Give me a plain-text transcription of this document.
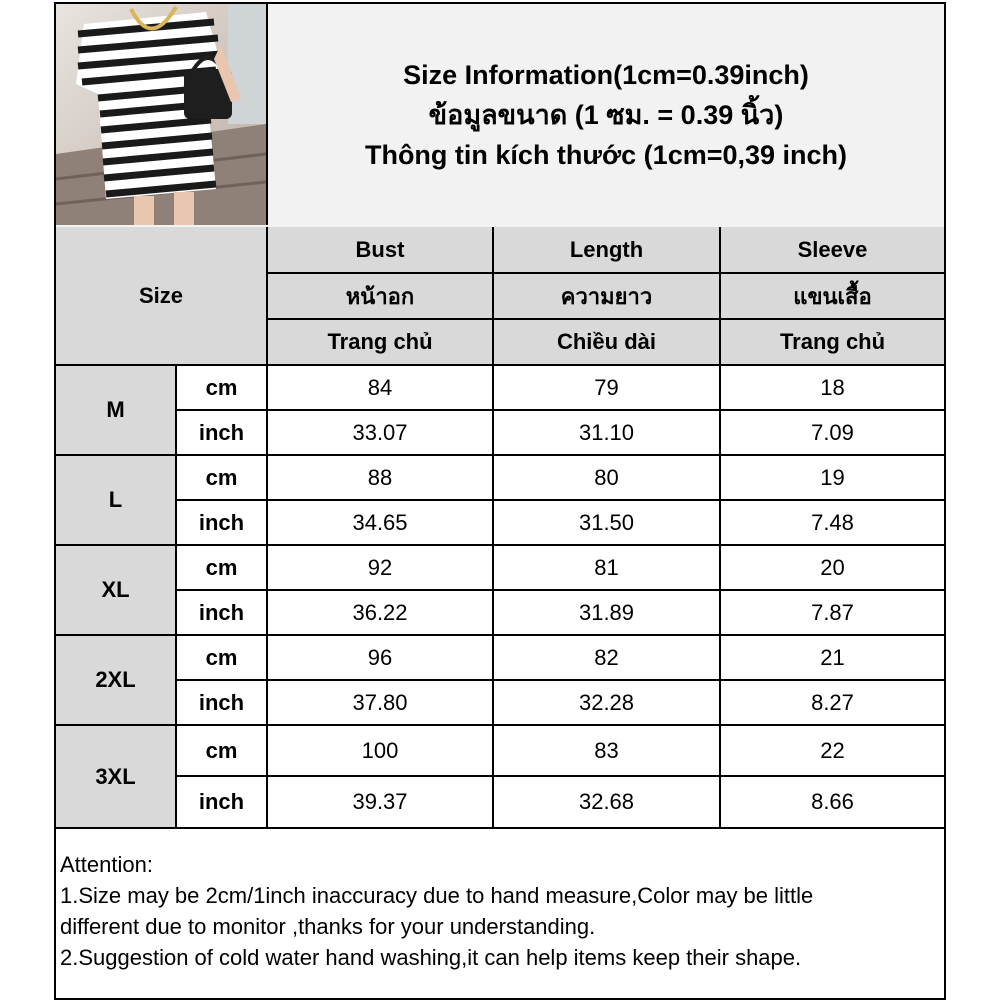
Size Information(1cm=0.39inch)
ข้อมูลขนาด (1 ซม. = 0.39 นิ้ว)
Thông tin kích thước (1cm=0,39 inch)
Size		Bust	Length	Sleeve
		หน้าอก	ความยาว	แขนเสื้อ
		Trang chủ	Chiều dài	Trang chủ
M	cm	84	79	18
	inch	33.07	31.10	7.09
L	cm	88	80	19
	inch	34.65	31.50	7.48
XL	cm	92	81	20
	inch	36.22	31.89	7.87
2XL	cm	96	82	21
	inch	37.80	32.28	8.27
3XL	cm	100	83	22
	inch	39.37	32.68	8.66
Attention:
1.Size may be 2cm/1inch inaccuracy due to hand measure,Color may be little
different due to monitor ,thanks for your understanding.
2.Suggestion of cold water hand washing,it can help items keep their shape.
